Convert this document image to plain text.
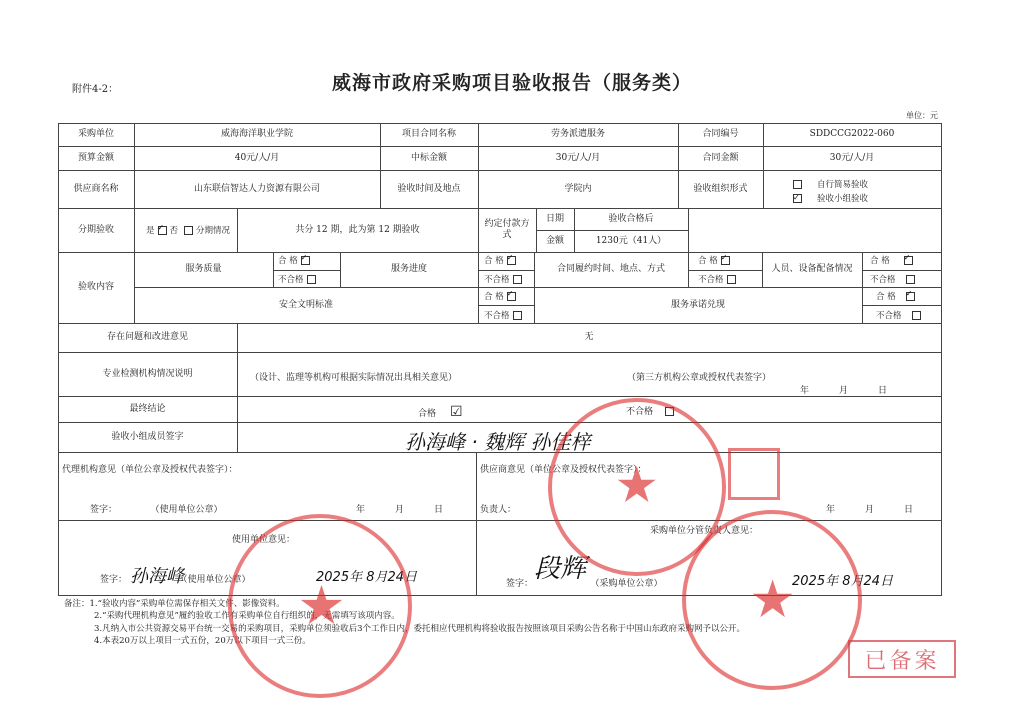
附件4-2：	威海市政府采购项目验收报告（服务类）
单位：元
采购单位	威海海洋职业学院	项目合同名称	劳务派遣服务	合同编号	SDDCCG2022-060
预算金额	40元/人/月	中标金额	30元/人/月	合同金额	30元/人/月
供应商名称	山东联信智达人力资源有限公司	验收时间及地点	学院内	验收组织形式	自行简易验收
✓验收小组验收
分期验收	是✓ 否 分期情况	共分 12 期，此为第 12 期验收
约定付款方式
日期	验收合格后
金额	1230元（41人）
验收内容
服务质量
合 格
✓
不合格
服务进度
合 格
✓
不合格
合同履约时间、地点、方式
合 格
✓
不合格
人员、设备配备情况
合 格
✓
不合格
安全文明标准
合 格
✓
不合格
服务承诺兑现
合 格
✓
不合格
存在问题和改进意见	无
专业检测机构情况说明	（设计、监理等机构可根据实际情况出具相关意见）	（第三方机构公章或授权代表签字）
年	月	日
最终结论
合格 ☑	不合格
验收小组成员签字	孙海峰 · 魏辉 孙佳梓
代理机构意见（单位公章及授权代表签字）：	供应商意见（单位公章及授权代表签字）：
签字：	（使用单位公章）	年	月	日	负责人：	年	月	日
使用单位意见：
采购单位分管负责人意见：
签字：	（使用单位公章）
孙海峰	2025年 8月24日	签字：	（采购单位公章）
段辉	2025年 8月24日
备注：1.“验收内容”采购单位需保存相关文件、影像资料。
2.“采购代理机构意见”履约验收工作有采购单位自行组织的，无需填写该项内容。
3.凡纳入市公共资源交易平台统一交易的采购项目，采购单位须验收后3个工作日内，委托相应代理机构将验收报告按照该项目采购公告名称于中国山东政府采购网予以公开。
4.本表20万以上项目一式五份，20万以下项目一式三份。
★
★
★
已备案
